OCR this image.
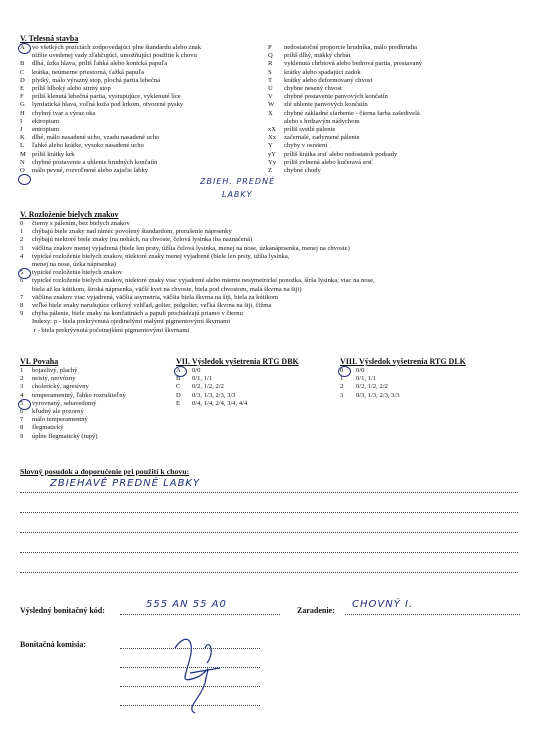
V. Telesná stavba
A vo všetkých pozíciách zodpovedajúci plne štandardu alebo znak
nižšie uvedenej vady zľahčujúci, umožňujúci použitie k chovu
B dlhá, úzka hlava, príliš ľahká alebo konická papuľa
C krátka, neúmerne priestorná, ťažká papuľa
D plytký, málo výrazný stop, plochá partia lebečná
E príliš hlboký alebo strmý stop
F príliš klenutá lebečná partia, vystupujúce, vyklenuté líce
G lymfatická hlava, voľná koža pod krkom, otvorené pysky
H chybný tvar a výraz oka
I ektropium
J entropium
K dlhé, málo nasadené ucho, vzadu nasadené ucho
L ľahké alebo krátke, vysoko nasadené ucho
M príliš krátky krk
N chybné postavenie a uhlenie hrudných končatín
O málo pevné, rozvoľnené alebo zajačie labky
P nedostatočné proporcie hrudníka, málo predhrudia
Q príliš dlhý, mäkký chrbát
R vyklenutá chrbtová alebo bedrová partia, prestavaný
S krátky alebo spadajúci zadok
T krátky alebo deformovaný chvost
U chybne nesený chvost
V chybné postavenie panvových končatín
W zlé uhlenie panvových končatín
X chybné základné sfarbenie - čierna farba zašedivelá
alebo s hrdzavým nádychom
xX príliš svetlé pálenie
Xx začernalé, zadymené pálenie
Y chyby v osrstení
yY príliš krátka srsť alebo nedostatok podsady
Yy príliš zvlnená alebo kučeravá srsť
Z chybné chody
ZBIEH. PREDNÉ
LABKY
V. Rozloženie bielych znakov
0 čierny s pálením, bez bielych znakov
1 chýbajú biele znaky nad rámec povolený štandardom, prerušenie náprsenky
2 chýbajú niektoré biele znaky (na nohách, na chvoste, čelová lysinka iba naznačená)
3 väčšina znakov menej vyjadrená (biele len prsty, úžšia čelová lysinka, menej na nose, úzkanáprsenka, menej na chvoste)
4 typické rozloženie bielych znakov, niektoré znaky menej vyjadrené (biele len prsty, užšia lysinka,
menej na nose, úzka náprsenka)
5 typické rozloženie bielych znakov
6 typické rozloženie bielych znakov, niektoré znaky viac vyjadrené alebo mierne nesymetrické ponožka, šírša lysinka, viac na nose,
biela až ku kútikom, široká náprsenka, väčší kvet na chvoste, biela pod chvostom, malá škvrna na šiji)
7 väčšina znakov viac vyjadrená, väčšia asymetria, väčšia biela škvrna na šiji, biela za kútikom
8 veľké biele znaky narušujúce celkový vzhľad, golier, polgolier, veľká škvrna na šiji, čižma
9 chýba pálenie, biele znaky na končatinách a papuli prechádzajú priamo v čiernu
Indexy: p - biela prekrývnutá ojedinelými malými pigmentovými škvrnami
r - biela prekrývnutá početnejšími pigmentovými škvrnami
VI. Povaha
1 bojazlivý, plachý
2 neistý, nervózny
3 cholerický, agresívny
4 temperamentný, ľahko rozrušiteľný
5 vyrovnaný, sebavedomý
6 kľudný ale pozorný
7 málo temperamentný
8 flegmatický
9 úplne flegmatický (tupý)
VII. Výsledok vyšetrenia RTG DBK
A 0/0
B 0/1, 1/1
C 0/2, 1/2, 2/2
D 0/3, 1/3, 2/3, 3/3
E 0/4, 1/4, 2/4, 3/4, 4/4
VIII. Výsledok vyšetrenia RTG DLK
0 0/0
1 0/1, 1/1
2 0/2, 1/2, 2/2
3 0/3, 1/3, 2/3, 3/3
Slovný posudok a doporučenie pri použití k chovu:
ZBIEHAVÉ PREDNÉ LABKY
Výsledný bonitačný kód:
555 AN 55 A0
Zaradenie:
CHOVNÝ I.
Bonitačná komisia:
